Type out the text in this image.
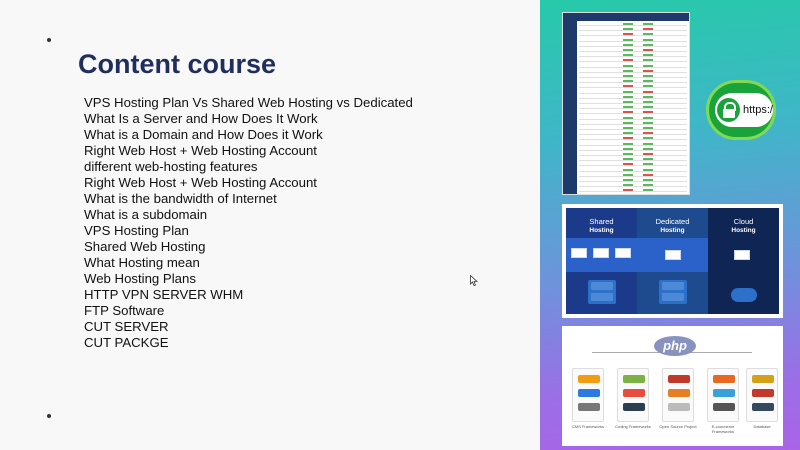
Content course
VPS Hosting Plan Vs Shared Web Hosting vs Dedicated
What Is a Server and How Does It Work
What is a Domain and How Does it Work
Right Web Host + Web Hosting Account
different web-hosting features
Right Web Host + Web Hosting Account
What is the bandwidth of Internet
What is a subdomain
VPS Hosting Plan
Shared Web Hosting
What Hosting mean
Web Hosting Plans
HTTP VPN SERVER WHM
FTP Software
CUT SERVER
CUT PACKGE
https:/
Shared
Hosting
Dedicated
Hosting
Cloud
Hosting
php
CMS Frameworks	Coding Frameworks	Open Source Project	E-commerce Frameworks
Database
